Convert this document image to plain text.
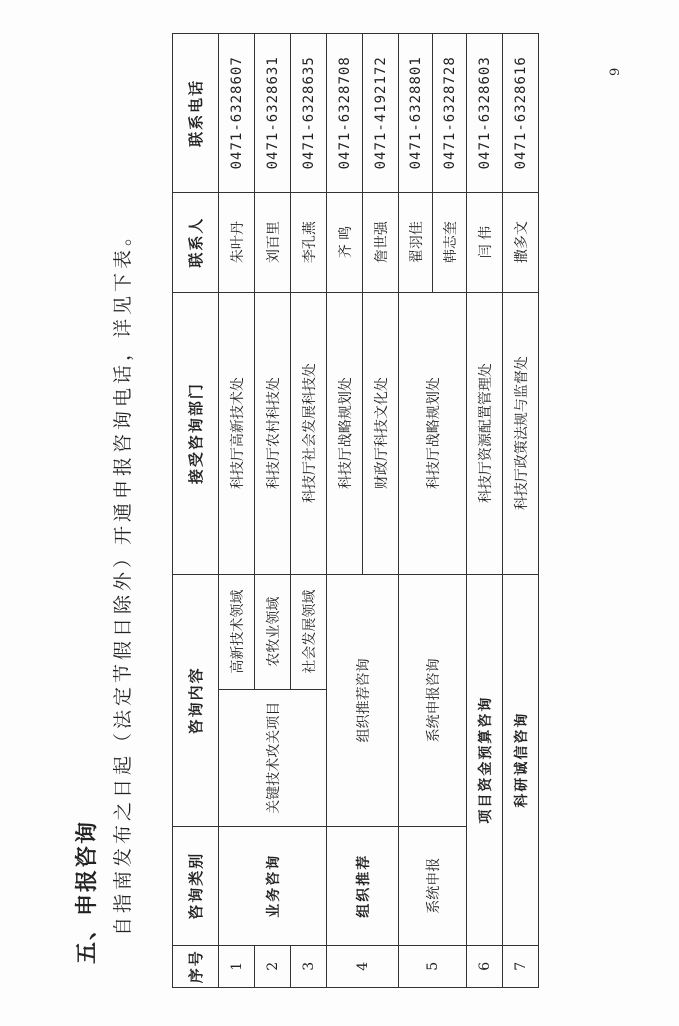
五、申报咨询 自指南发布之日起（法定节假日除外）开通申报咨询电话，详见下表。
序号	咨询类别	咨询内容		接受咨询部门	联系人	联系电话
1	业务咨询	关键技术攻关项目	高新技术领域	科技厅高新技术处	朱叶丹	0471-6328607
2			农牧业领域	科技厅农村科技处	刘百里	0471-6328631
3			社会发展领域	科技厅社会发展科技处	李孔燕	0471-6328635
4	组织推荐	组织推荐咨询		科技厅战略规划处	齐 鸣	0471-6328708
				财政厅科技文化处	詹世强	0471-4192172
5	系统申报	系统申报咨询		科技厅战略规划处	翟羽佳	0471-6328801
					韩志奎	0471-6328728
6	项目资金预算咨询			科技厅资源配置管理处	闫 伟	0471-6328603
7	科研诚信咨询			科技厅政策法规与监督处	撒多文	0471-6328616	9
